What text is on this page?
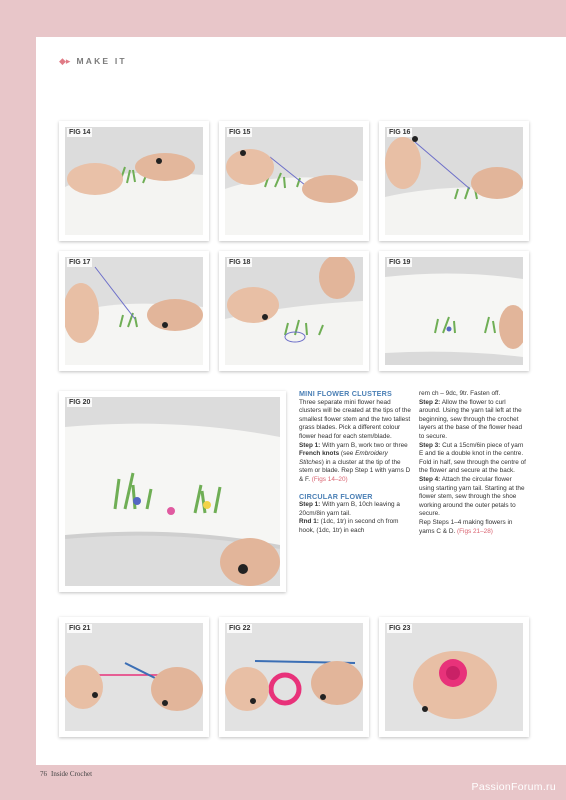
◆▸ MAKE IT
FIG 14	FIG 15	FIG 16
FIG 17	FIG 18	FIG 19
FIG 20

MINI FLOWER CLUSTERS

Three separate mini flower head clusters will be created at the tips of the smallest flower stem and the two tallest grass blades. Pick a different colour flower head for each stem/blade.

Step 1: With yarn B, work two or three French knots (see Embroidery Stitches) in a cluster at the tip of the stem or blade. Rep Step 1 with yarns D & F. (Figs 14–20)

CIRCULAR FLOWER

Step 1: With yarn B, 10ch leaving a 20cm/8in yarn tail.

Rnd 1: (1dc, 1tr) in second ch from hook, (1dc, 1tr) in each

rem ch – 9dc, 9tr. Fasten off.

Step 2: Allow the flower to curl around. Using the yarn tail left at the beginning, sew through the crochet layers at the base of the flower head to secure.

Step 3: Cut a 15cm/6in piece of yarn E and tie a double knot in the centre. Fold in half, sew through the centre of the flower and secure at the back.

Step 4: Attach the circular flower using starting yarn tail. Starting at the flower stem, sew through the shoe working around the outer petals to secure.

Rep Steps 1–4 making flowers in yarns C & D. (Figs 21–28)

FIG 21	FIG 22	FIG 23
76 Inside Crochet
PassionForum.ru
